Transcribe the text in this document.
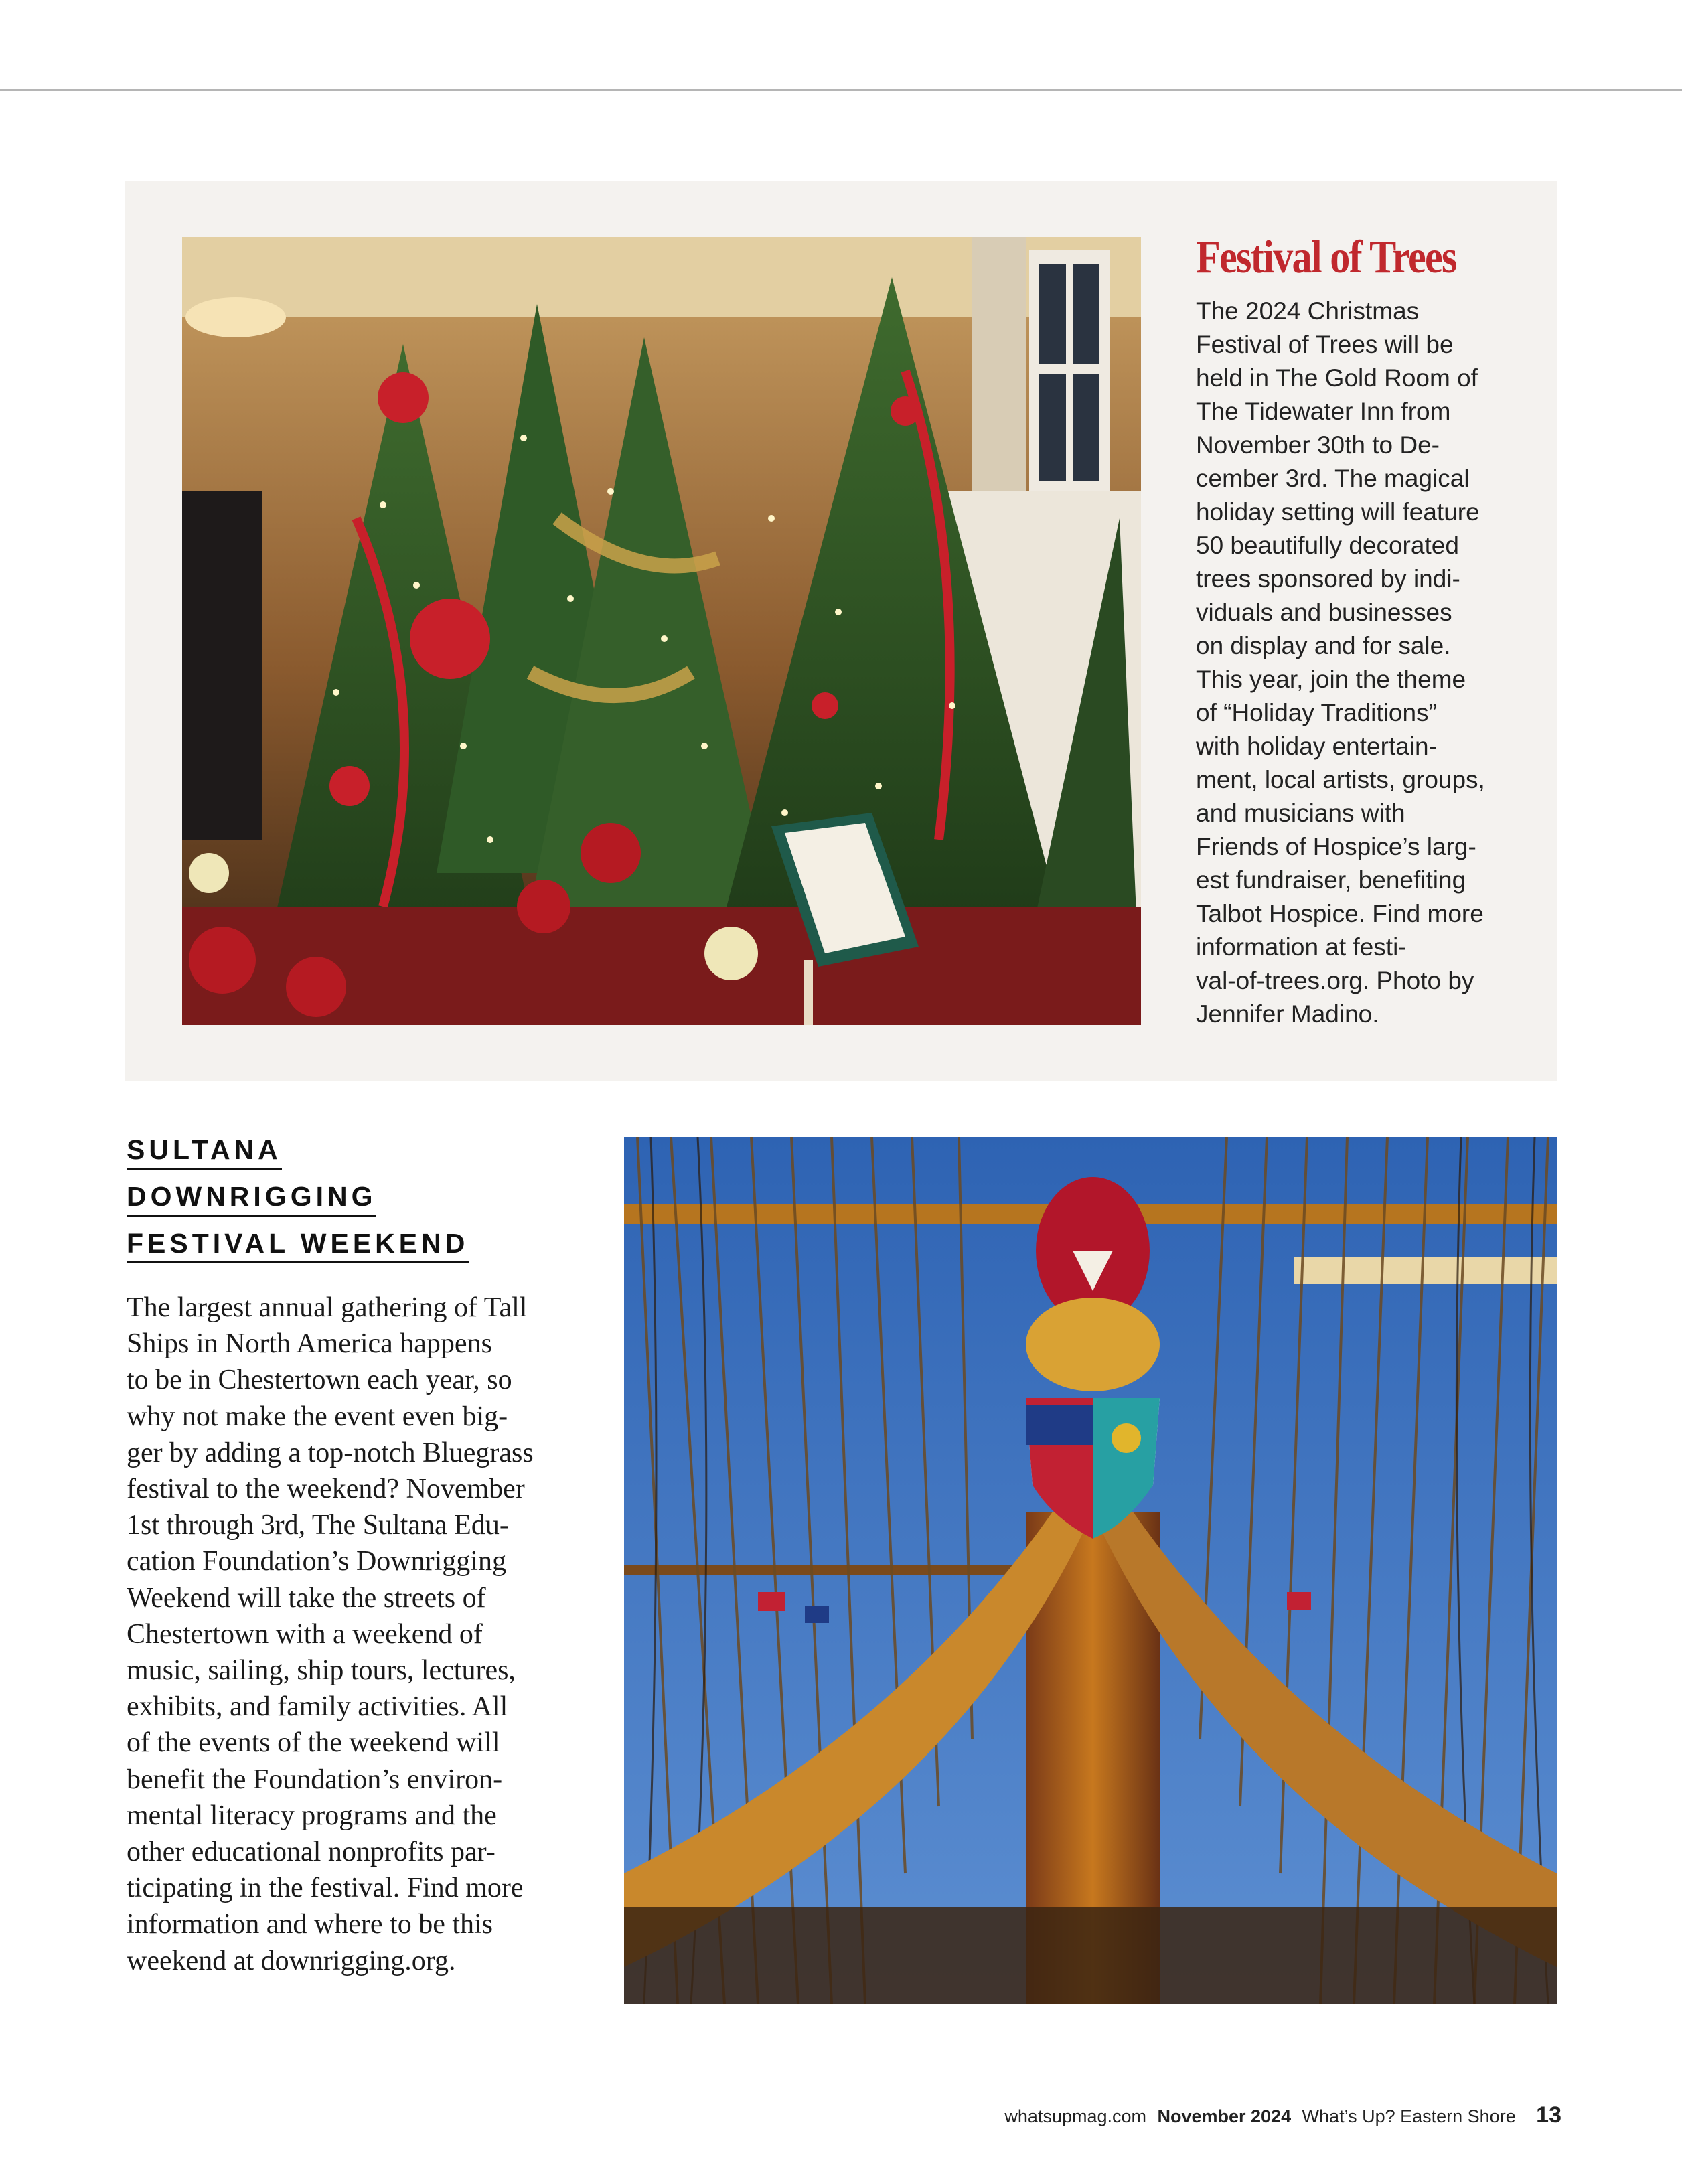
Festival of Trees
The 2024 Christmas
Festival of Trees will be
held in The Gold Room of
The Tidewater Inn from
November 30th to De-
cember 3rd. The magical
holiday setting will feature
50 beautifully decorated
trees sponsored by indi-
viduals and businesses
on display and for sale.
This year, join the theme
of “Holiday Traditions”
with holiday entertain-
ment, local artists, groups,
and musicians with
Friends of Hospice’s larg-
est fundraiser, benefiting
Talbot Hospice. Find more
information at festi-
val-of-trees.org. Photo by
Jennifer Madino.
SULTANA
DOWNRIGGING
FESTIVAL WEEKEND
The largest annual gathering of Tall
Ships in North America happens
to be in Chestertown each year, so
why not make the event even big-
ger by adding a top-notch Bluegrass
festival to the weekend? November
1st through 3rd, The Sultana Edu-
cation Foundation’s Downrigging
Weekend will take the streets of
Chestertown with a weekend of
music, sailing, ship tours, lectures,
exhibits, and family activities. All
of the events of the weekend will
benefit the Foundation’s environ-
mental literacy programs and the
other educational nonprofits par-
ticipating in the festival. Find more
information and where to be this
weekend at downrigging.org.
whatsupmag.com November 2024 What’s Up? Eastern Shore 13
